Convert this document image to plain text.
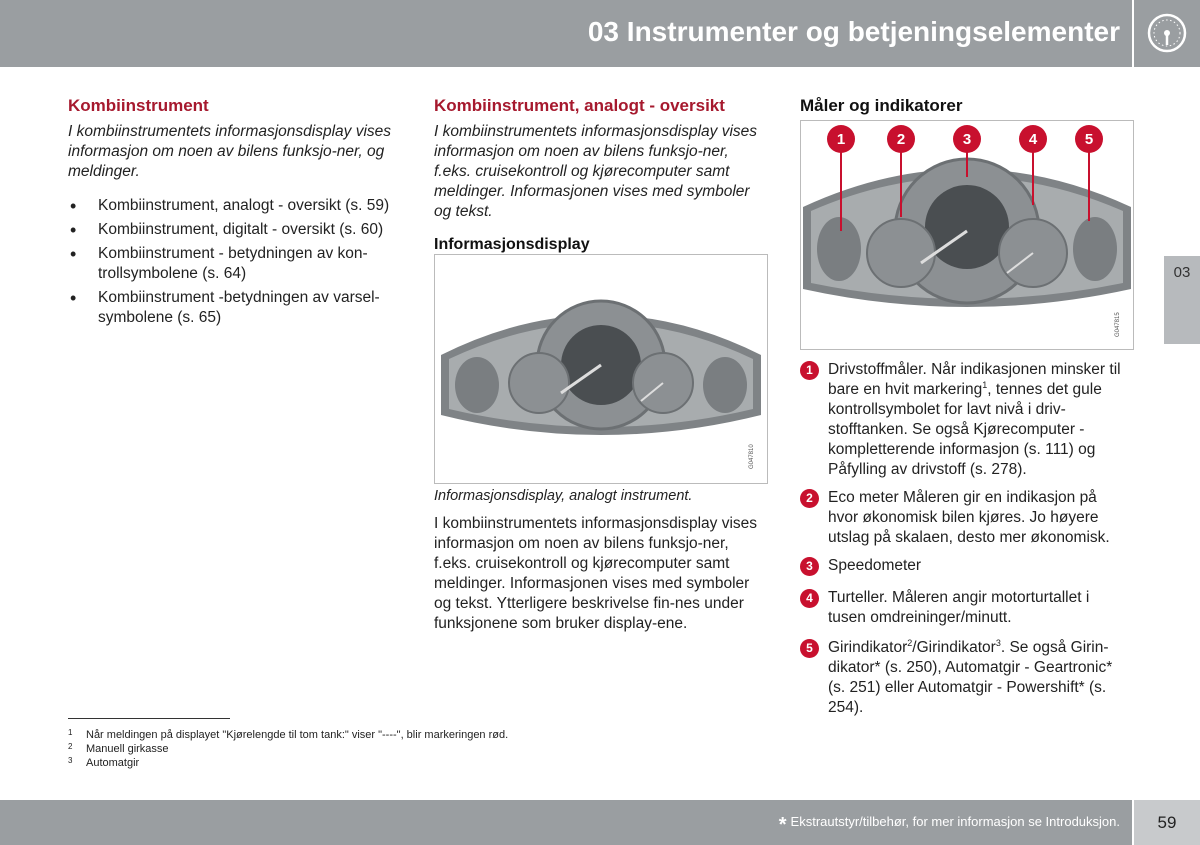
03 Instrumenter og betjeningselementer
03
Kombiinstrument
I kombiinstrumentets informasjonsdisplay vises informasjon om noen av bilens funksjo-ner, og meldinger.
• Kombiinstrument, analogt - oversikt (s. 59)
• Kombiinstrument, digitalt - oversikt (s. 60)
• Kombiinstrument - betydningen av kon-trollsymbolene (s. 64)
• Kombiinstrument -betydningen av varsel-symbolene (s. 65)
Kombiinstrument, analogt - oversikt
I kombiinstrumentets informasjonsdisplay vises informasjon om noen av bilens funksjo-ner, f.eks. cruisekontroll og kjørecomputer samt meldinger. Informasjonen vises med symboler og tekst.
Informasjonsdisplay
G047810
Informasjonsdisplay, analogt instrument.
I kombiinstrumentets informasjonsdisplay vises informasjon om noen av bilens funksjo-ner, f.eks. cruisekontroll og kjørecomputer samt meldinger. Informasjonen vises med symboler og tekst. Ytterligere beskrivelse fin-nes under funksjonene som bruker display-ene.
Måler og indikatorer
1	2	3	4	5
G047815
1 Drivstoffmåler. Når indikasjonen minsker til bare en hvit markering$^1$, tennes det gule kontrollsymbolet for lavt nivå i driv-stofftanken. Se også Kjørecomputer - kompletterende informasjon (s. 111) og Påfylling av drivstoff (s. 278).
2 Eco meter Måleren gir en indikasjon på hvor økonomisk bilen kjøres. Jo høyere utslag på skalaen, desto mer økonomisk.
3 Speedometer
4 Turteller. Måleren angir motorturtallet i tusen omdreininger/minutt.
5 Girindikator$^2$/Girindikator$^3$. Se også Girin-dikator* (s. 250), Automatgir - Geartronic* (s. 251) eller Automatgir - Powershift* (s. 254).
1 Når meldingen på displayet "Kjørelengde til tom tank:" viser "----", blir markeringen rød.
2 Manuell girkasse
3 Automatgir
* Ekstrautstyr/tilbehør, for mer informasjon se Introduksjon.	59
